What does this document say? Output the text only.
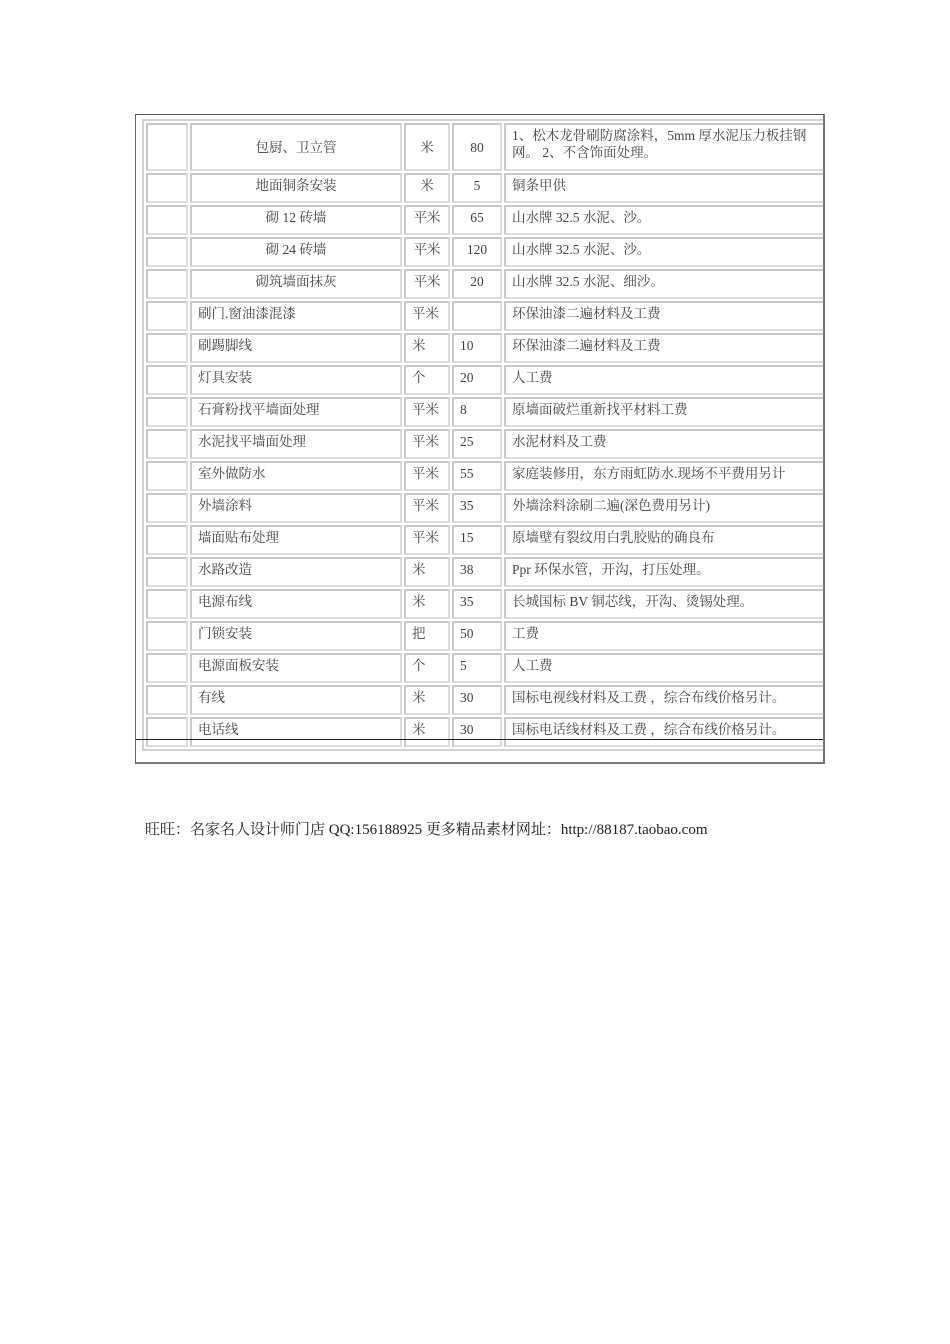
	包厨、卫立管	米	80	1、松木龙骨刷防腐涂料，5mm 厚水泥压力板挂钢网。 2、不含饰面处理。
	地面铜条安装	米	5	铜条甲供
	砌 12 砖墙	平米	65	山水牌 32.5 水泥、沙。
	砌 24 砖墙	平米	120	山水牌 32.5 水泥、沙。
	砌筑墙面抹灰	平米	20	山水牌 32.5 水泥、细沙。
	刷门.窗油漆混漆	平米		环保油漆二遍材料及工费
	刷踢脚线	米	10	环保油漆二遍材料及工费
	灯具安装	个	20	人工费
	石膏粉找平墙面处理	平米	8	原墙面破烂重新找平材料工费
	水泥找平墙面处理	平米	25	水泥材料及工费
	室外做防水	平米	55	家庭装修用，东方雨虹防水.现场不平费用另计
	外墙涂料	平米	35	外墙涂料涂刷二遍(深色费用另计)
	墙面贴布处理	平米	15	原墙壁有裂纹用白乳胶贴的确良布
	水路改造	米	38	Ppr 环保水管，开沟，打压处理。
	电源布线	米	35	长城国标 BV 铜芯线，开沟、烫锡处理。
	门锁安装	把	50	工费
	电源面板安装	个	5	人工费
	有线	米	30	国标电视线材料及工费 ，综合布线价格另计。
	电话线	米	30	国标电话线材料及工费 ，综合布线价格另计。
旺旺：名家名人设计师门店 QQ:156188925 更多精品素材网址：http://88187.taobao.com
